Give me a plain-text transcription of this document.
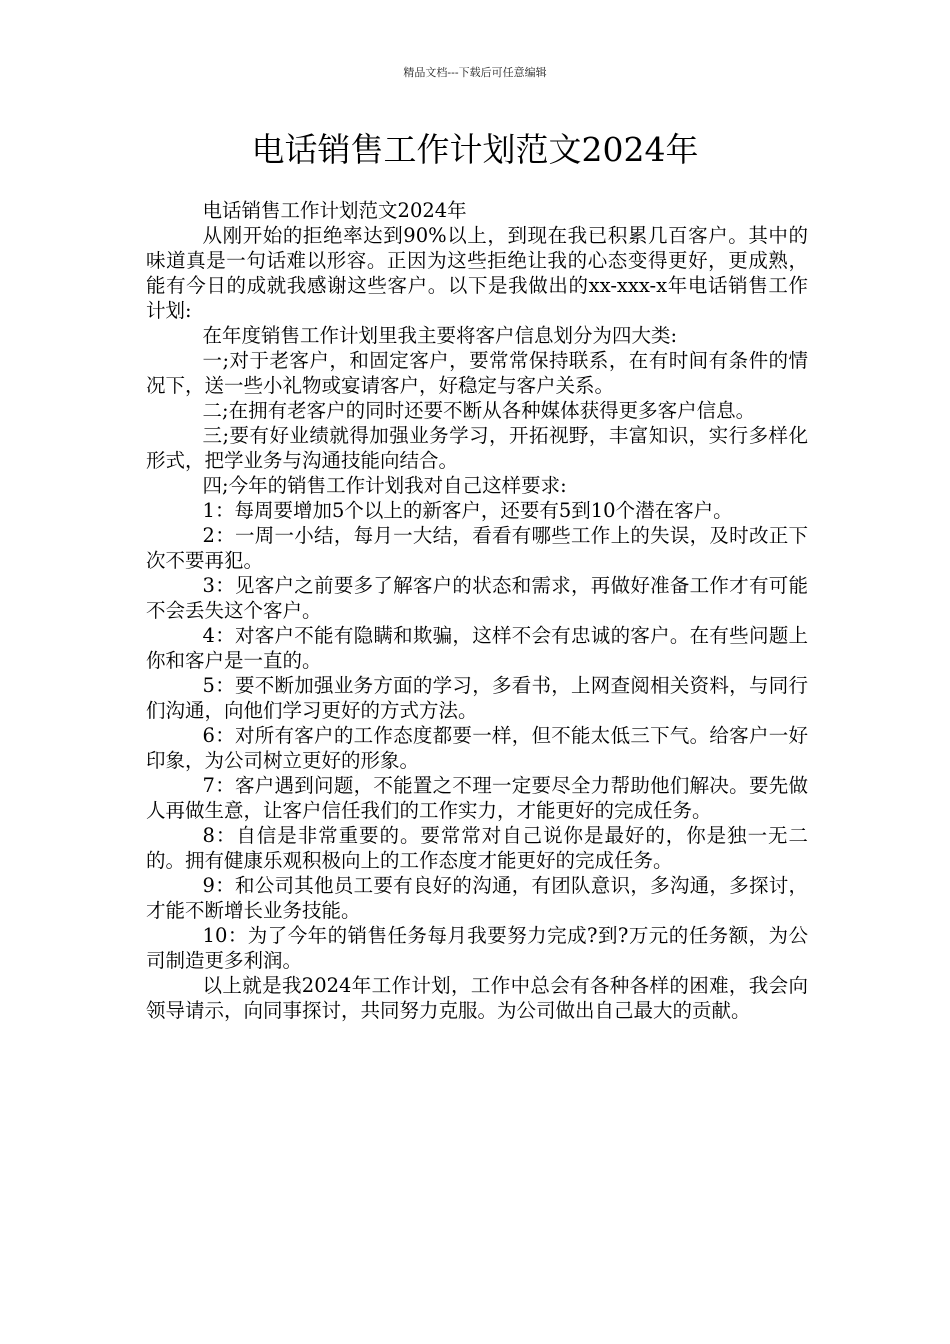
精品文档---下载后可任意编辑
电话销售工作计划范文2024年

电话销售工作计划范文2024年

从刚开始的拒绝率达到90%以上，到现在我已积累几百客户。其中的味道真是一句话难以形容。正因为这些拒绝让我的心态变得更好，更成熟，能有今日的成就我感谢这些客户。以下是我做出的xx-xxx-x年电话销售工作计划:

在年度销售工作计划里我主要将客户信息划分为四大类:

一;对于老客户，和固定客户，要常常保持联系，在有时间有条件的情况下，送一些小礼物或宴请客户，好稳定与客户关系。

二;在拥有老客户的同时还要不断从各种媒体获得更多客户信息。

三;要有好业绩就得加强业务学习，开拓视野，丰富知识，实行多样化形式，把学业务与沟通技能向结合。

四;今年的销售工作计划我对自己这样要求:

1：每周要增加5个以上的新客户，还要有5到10个潜在客户。

2：一周一小结，每月一大结，看看有哪些工作上的失误，及时改正下次不要再犯。

3：见客户之前要多了解客户的状态和需求，再做好准备工作才有可能不会丢失这个客户。

4：对客户不能有隐瞒和欺骗，这样不会有忠诚的客户。在有些问题上你和客户是一直的。

5：要不断加强业务方面的学习，多看书，上网查阅相关资料，与同行们沟通，向他们学习更好的方式方法。

6：对所有客户的工作态度都要一样，但不能太低三下气。给客户一好印象，为公司树立更好的形象。

7：客户遇到问题，不能置之不理一定要尽全力帮助他们解决。要先做人再做生意，让客户信任我们的工作实力，才能更好的完成任务。

8：自信是非常重要的。要常常对自己说你是最好的，你是独一无二的。拥有健康乐观积极向上的工作态度才能更好的完成任务。

9：和公司其他员工要有良好的沟通，有团队意识，多沟通，多探讨，才能不断增长业务技能。

10：为了今年的销售任务每月我要努力完成?到?万元的任务额，为公司制造更多利润。

以上就是我2024年工作计划，工作中总会有各种各样的困难，我会向领导请示，向同事探讨，共同努力克服。为公司做出自己最大的贡献。
